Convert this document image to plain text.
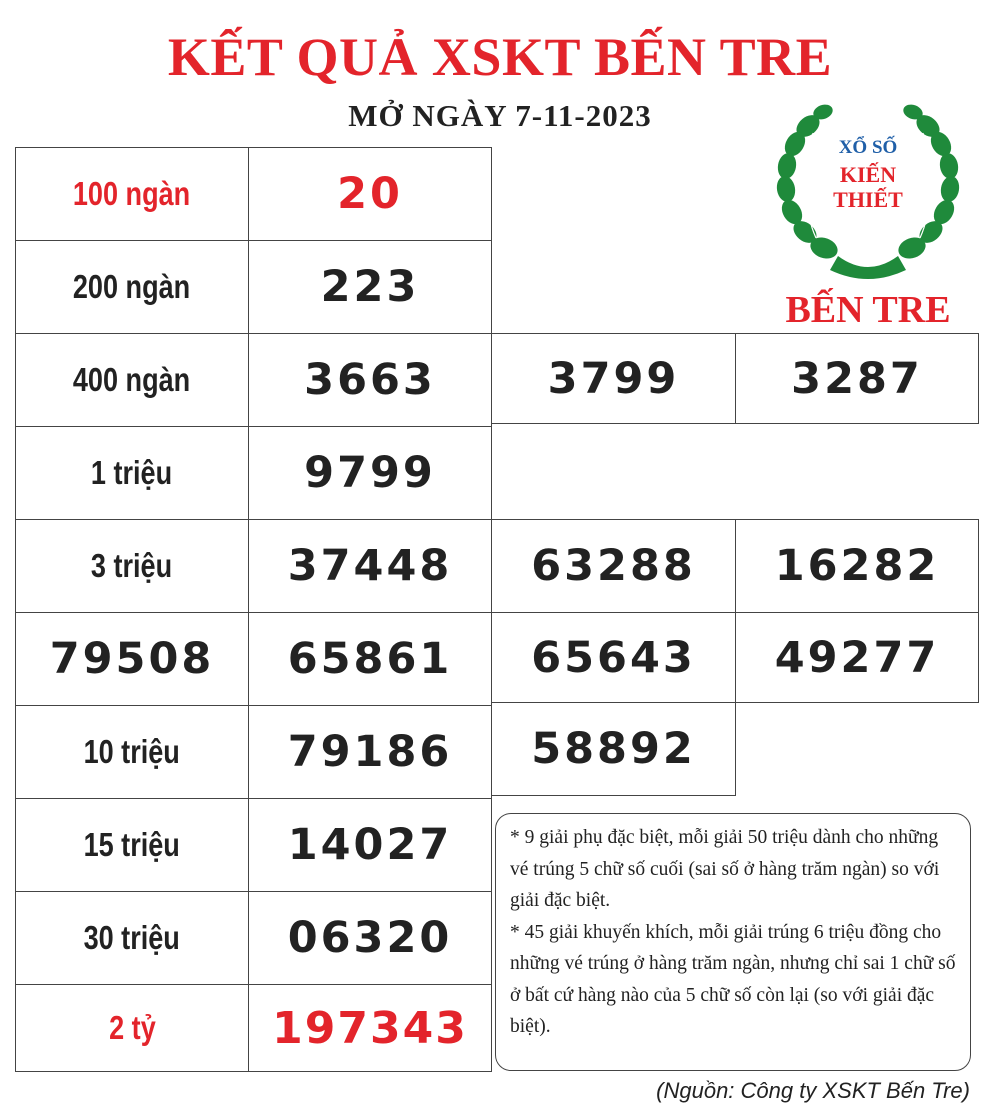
KẾT QUẢ XSKT BẾN TRE
MỞ NGÀY 7-11-2023
XỔ SỐ
KIẾN
THIẾT
BẾN TRE
100 ngàn	20
200 ngàn	223
400 ngàn	3663	3799	3287
1 triệu	9799
3 triệu	37448 63288 16282
79508 65861 65643 49277
10 triệu	79186 58892
15 triệu	14027
30 triệu	06320
2 tỷ	197343

* 9 giải phụ đặc biệt, mỗi giải 50 triệu dành cho những vé trúng 5 chữ số cuối (sai số ở hàng trăm ngàn) so với giải đặc biệt.

* 45 giải khuyến khích, mỗi giải trúng 6 triệu đồng cho những vé trúng ở hàng trăm ngàn, nhưng chỉ sai 1 chữ số ở bất cứ hàng nào của 5 chữ số còn lại (so với giải đặc biệt).

(Nguồn: Công ty XSKT Bến Tre)
